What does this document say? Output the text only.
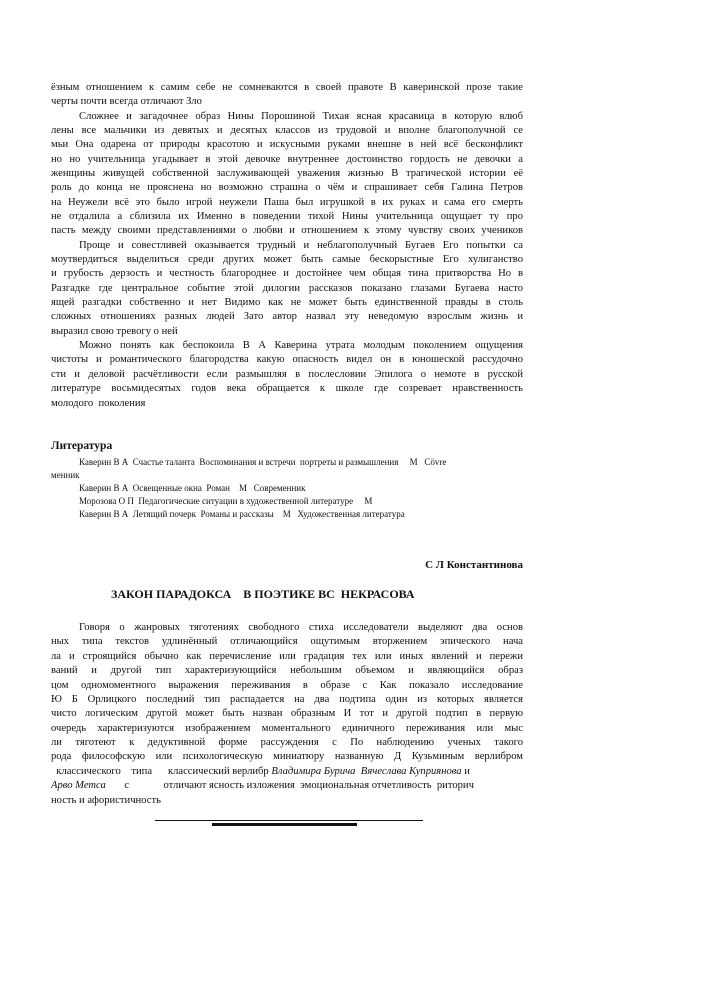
ёзным отношением к самим себе не сомневаются в своей правоте В каверинской прозе такие
черты почти всегда отличают Зло
Сложнее и загадочнее образ Нины Порошиной Тихая ясная красавица в которую влюб
лены все мальчики из девятых и десятых классов из трудовой и вполне благополучной се
мьи Она одарена от природы красотою и искусными руками внешне в ней всё бесконфликт
но но учительница угадывает в этой девочке внутреннее достоинство гордость не девочки а
женщины живущей собственной заслуживающей уважения жизнью В трагической истории её
роль до конца не прояснена но возможно страшна о чём и спрашивает себя Галина Петров
на Неужели всё это было игрой неужели Паша был игрушкой в их руках и сама его смерть
не отдалила а сблизила их Именно в поведении тихой Нины учительница ощущает ту про
пасть между своими представлениями о любви и отношением к этому чувству своих учеников
Проще и совестливей оказывается трудный и неблагополучный Бугаев Его попытки са
моутвердиться выделиться среди других может быть самые бескорыстные Его хулиганство
и грубость дерзость и честность благороднее и достойнее чем общая тина притворства Но в
Разгадке где центральное событие этой дилогии рассказов показано глазами Бугаева насто
ящей разгадки собственно и нет Видимо как не может быть единственной правды в столь
сложных отношениях разных людей Зато автор назвал эту неведомую взрослым жизнь и
выразил свою тревогу о ней
Можно понять как беспокоила В А Каверина утрата молодым поколением ощущения
чистоты и романтического благородства какую опасность видел он в юношеской рассудочно
сти и деловой расчётливости если размышляя в послесловии Эпилога о немоте в русской
литературе восьмидесятых годов века обращается к школе где созревает нравственность
молодого  поколения
Литература
Каверин В А  Счастье таланта  Воспоминания и встречи  портреты и размышления     М   Сövre
менник
Каверин В А  Освещенные окна  Роман    М   Современник
Морозова О П  Педагогические ситуации в художественной литературе     М
Каверин В А  Летящий почерк  Романы и рассказы    М   Художественная литература
С Л Константинова
ЗАКОН ПАРАДОКСА    В ПОЭТИКЕ ВС  НЕКРАСОВА
Говоря о жанровых тяготениях свободного стиха исследователи выделяют два основ
ных типа текстов удлинённый отличающийся ощутимым вторжением эпического нача
ла и строящийся обычно как перечисление или градация тех или иных явлений и пережи
ваний и другой тип характеризующийся небольшим объемом и являющийся образ
цом одномоментного выражения переживания в образе с Как показало исследование
Ю Б Орлицкого последний тип распадается на два подтипа один из которых является
чисто логическим другой может быть назван образным И тот и другой подтип в первую
очередь характеризуются изображением моментального единичного переживания или мыс
ли тяготеют к дедуктивной форме рассуждения с По наблюдению ученых такого
рода философскую или психологическую миниатюру названную Д Кузьминым верлибром
классического    типа      классический верлибр Владимира Бурича  Вячеслава Куприянова и
Арво Метса       с             отличают ясность изложения  эмоциональная отчетливость  риторич
ность и афористичность
